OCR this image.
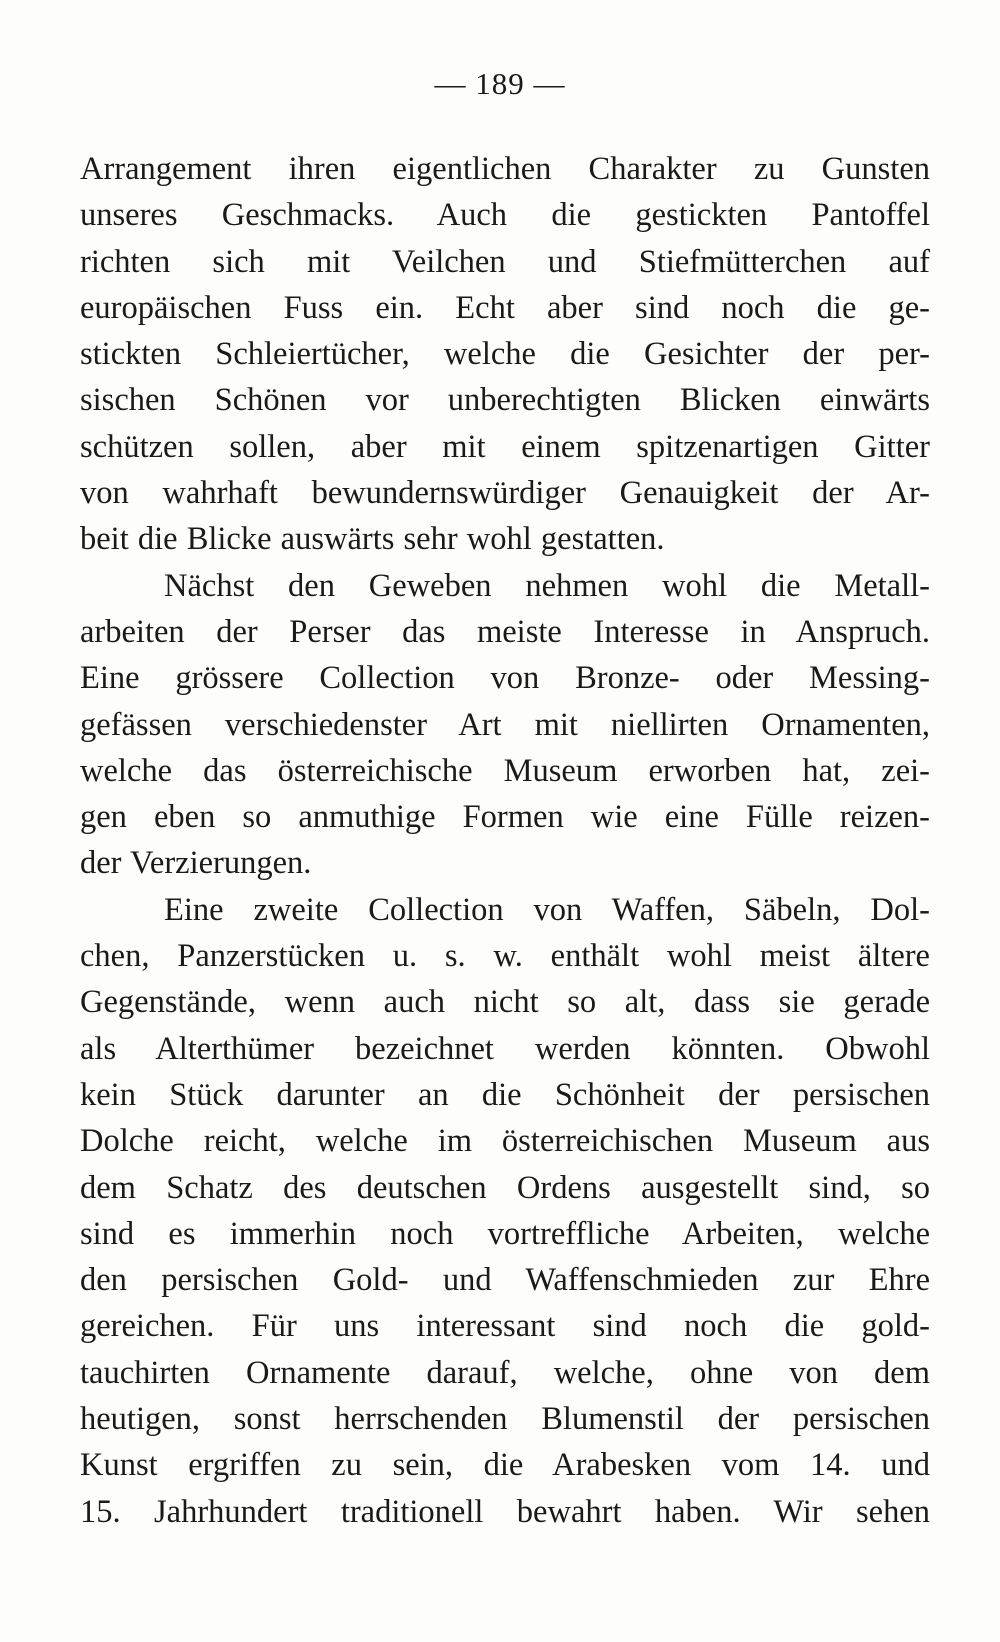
— 189 —
Arrangement ihren eigentlichen Charakter zu Gunsten
unseres Geschmacks. Auch die gestickten Pantoffel
richten sich mit Veilchen und Stiefmütterchen auf
europäischen Fuss ein. Echt aber sind noch die ge-
stickten Schleiertücher, welche die Gesichter der per-
sischen Schönen vor unberechtigten Blicken einwärts
schützen sollen, aber mit einem spitzenartigen Gitter
von wahrhaft bewundernswürdiger Genauigkeit der Ar-
beit die Blicke auswärts sehr wohl gestatten.
Nächst den Geweben nehmen wohl die Metall-
arbeiten der Perser das meiste Interesse in Anspruch.
Eine grössere Collection von Bronze- oder Messing-
gefässen verschiedenster Art mit niellirten Ornamenten,
welche das österreichische Museum erworben hat, zei-
gen eben so anmuthige Formen wie eine Fülle reizen-
der Verzierungen.
Eine zweite Collection von Waffen, Säbeln, Dol-
chen, Panzerstücken u. s. w. enthält wohl meist ältere
Gegenstände, wenn auch nicht so alt, dass sie gerade
als Alterthümer bezeichnet werden könnten. Obwohl
kein Stück darunter an die Schönheit der persischen
Dolche reicht, welche im österreichischen Museum aus
dem Schatz des deutschen Ordens ausgestellt sind, so
sind es immerhin noch vortreffliche Arbeiten, welche
den persischen Gold- und Waffenschmieden zur Ehre
gereichen. Für uns interessant sind noch die gold-
tauchirten Ornamente darauf, welche, ohne von dem
heutigen, sonst herrschenden Blumenstil der persischen
Kunst ergriffen zu sein, die Arabesken vom 14. und
15. Jahrhundert traditionell bewahrt haben. Wir sehen
